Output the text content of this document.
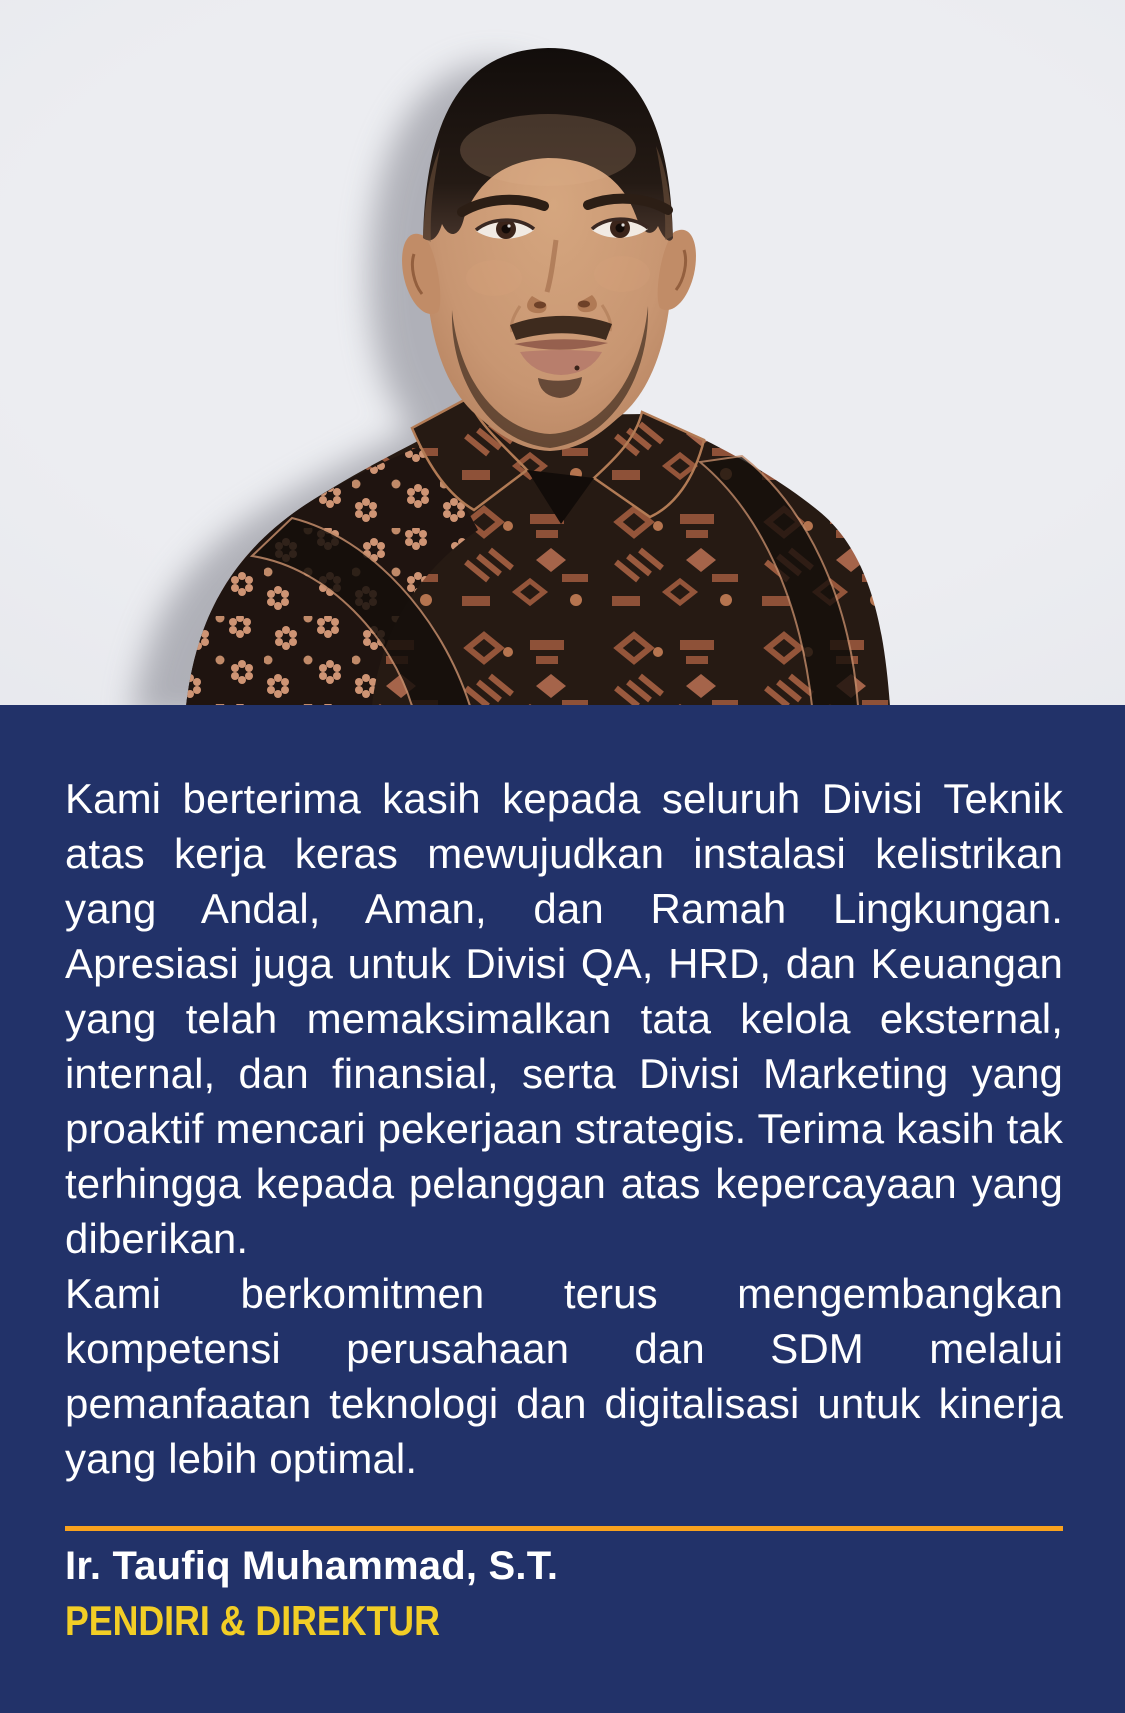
Kami berterima kasih kepada seluruh Divisi Teknik atas kerja keras mewujudkan instalasi kelistrikan yang Andal, Aman, dan Ramah Lingkungan. Apresiasi juga untuk Divisi QA, HRD, dan Keuangan yang telah memaksimalkan tata kelola eksternal, internal, dan finansial, serta Divisi Marketing yang proaktif mencari pekerjaan strategis. Terima kasih tak terhingga kepada pelanggan atas kepercayaan yang diberikan.

Kami berkomitmen terus mengembangkan kompetensi perusahaan dan SDM melalui pemanfaatan teknologi dan digitalisasi untuk kinerja yang lebih optimal.

Ir. Taufiq Muhammad, S.T.
PENDIRI & DIREKTUR
